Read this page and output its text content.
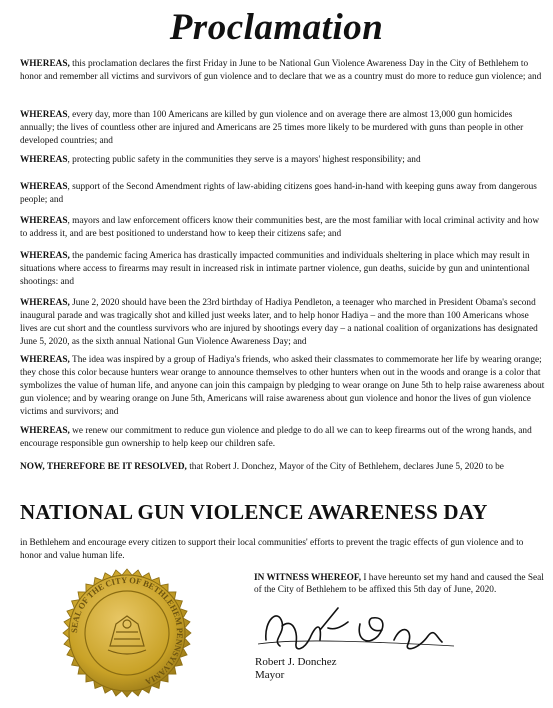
Proclamation

WHEREAS, this proclamation declares the first Friday in June to be National Gun Violence Awareness Day in the City of Bethlehem to honor and remember all victims and survivors of gun violence and to declare that we as a country must do more to reduce gun violence; and

WHEREAS, every day, more than 100 Americans are killed by gun violence and on average there are almost 13,000 gun homicides annually; the lives of countless other are injured and Americans are 25 times more likely to be murdered with guns than people in other developed countries; and

WHEREAS, protecting public safety in the communities they serve is a mayors' highest responsibility; and

WHEREAS, support of the Second Amendment rights of law-abiding citizens goes hand-in-hand with keeping guns away from dangerous people; and

WHEREAS, mayors and law enforcement officers know their communities best, are the most familiar with local criminal activity and how to address it, and are best positioned to understand how to keep their citizens safe; and

WHEREAS, the pandemic facing America has drastically impacted communities and individuals sheltering in place which may result in situations where access to firearms may result in increased risk in intimate partner violence, gun deaths, suicide by gun and unintentional shootings: and

WHEREAS, June 2, 2020 should have been the 23rd birthday of Hadiya Pendleton, a teenager who marched in President Obama's second inaugural parade and was tragically shot and killed just weeks later, and to help honor Hadiya – and the more than 100 Americans whose lives are cut short and the countless survivors who are injured by shootings every day – a national coalition of organizations has designated June 5, 2020, as the sixth annual National Gun Violence Awareness Day; and

WHEREAS, The idea was inspired by a group of Hadiya's friends, who asked their classmates to commemorate her life by wearing orange; they chose this color because hunters wear orange to announce themselves to other hunters when out in the woods and orange is a color that symbolizes the value of human life, and anyone can join this campaign by pledging to wear orange on June 5th to help raise awareness about gun violence; and by wearing orange on June 5th, Americans will raise awareness about gun violence and honor the lives of gun violence victims and survivors; and

WHEREAS, we renew our commitment to reduce gun violence and pledge to do all we can to keep firearms out of the wrong hands, and encourage responsible gun ownership to help keep our children safe.

NOW, THEREFORE BE IT RESOLVED, that Robert J. Donchez, Mayor of the City of Bethlehem, declares June 5, 2020 to be

NATIONAL GUN VIOLENCE AWARENESS DAY

in Bethlehem and encourage every citizen to support their local communities' efforts to prevent the tragic effects of gun violence and to honor and value human life.

SEAL OF THE CITY OF BETHLEHEM PENNSYLVANIA

IN WITNESS WHEREOF, I have hereunto set my hand and caused the Seal of the City of Bethlehem to be affixed this 5th day of June, 2020.

Robert J. Donchez
Mayor
